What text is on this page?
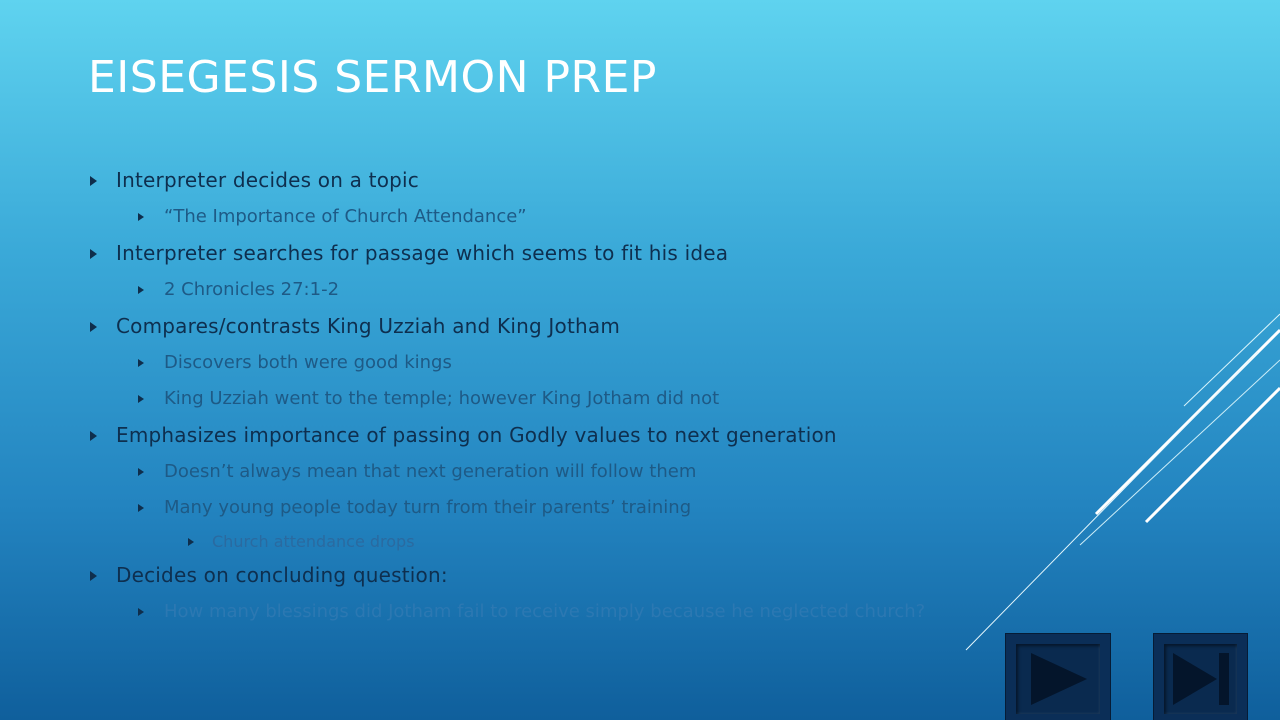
EISEGESIS SERMON PREP
Interpreter decides on a topic
“The Importance of Church Attendance”
Interpreter searches for passage which seems to fit his idea
2 Chronicles 27:1-2
Compares/contrasts King Uzziah and King Jotham
Discovers both were good kings
King Uzziah went to the temple; however King Jotham did not
Emphasizes importance of passing on Godly values to next generation
Doesn’t always mean that next generation will follow them
Many young people today turn from their parents’ training
Church attendance drops
Decides on concluding question:
How many blessings did Jotham fail to receive simply because he neglected church?
